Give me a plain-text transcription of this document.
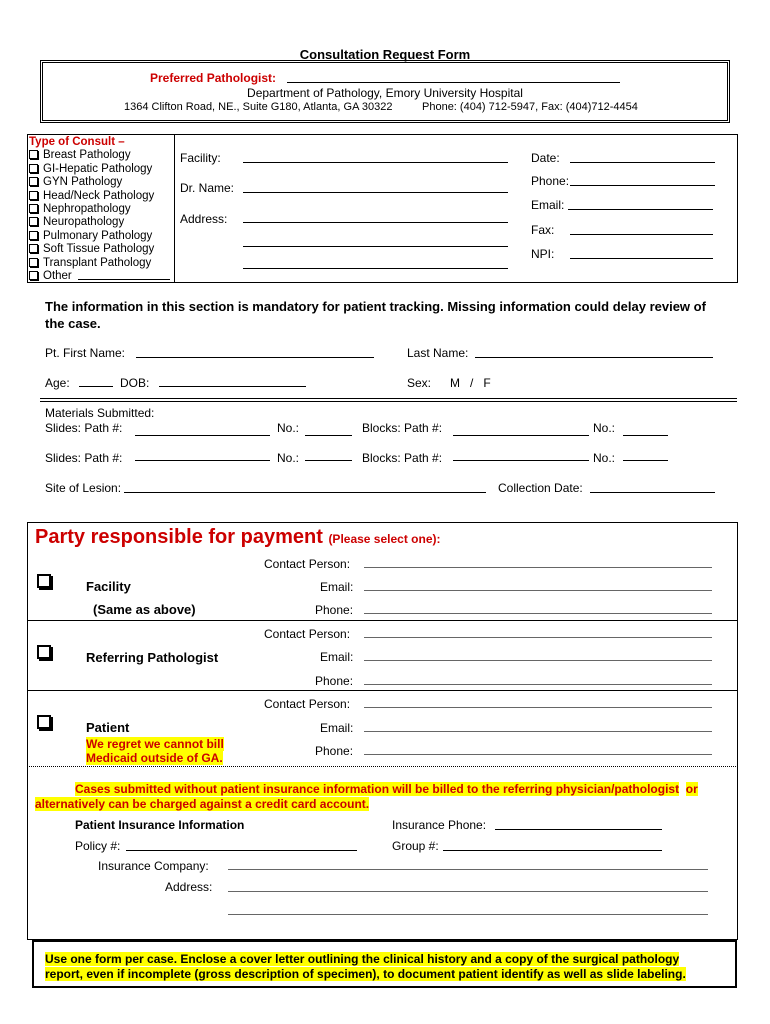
Consultation Request Form
Preferred Pathologist:
Department of Pathology, Emory University Hospital
1364 Clifton Road, NE., Suite G180, Atlanta, GA 30322	Phone: (404) 712-5947, Fax: (404)712-4454
Type of Consult –
Breast Pathology
GI-Hepatic Pathology
GYN Pathology
Head/Neck Pathology
Nephropathology
Neuropathology
Pulmonary Pathology
Soft Tissue Pathology
Transplant Pathology
Other
Facility:
Dr. Name:
Address:
Date:
Phone:
Email:
Fax:
NPI:
The information in this section is mandatory for patient tracking. Missing information could delay review of the case.
Pt. First Name:	Last Name:
Age:	DOB:	Sex: M   /   F
Materials Submitted:
Slides: Path #:	No.:	Blocks: Path #:	No.:
Slides: Path #:	No.:	Blocks: Path #:	No.:
Site of Lesion:	Collection Date:
Party responsible for payment (Please select one):
Contact Person:
Facility	Email:
(Same as above)	Phone:
Contact Person:
Referring Pathologist	Email:
Phone:
Contact Person:
Patient	Email:
We regret we cannot bill
Medicaid outside of GA.	Phone:
Cases submitted without patient insurance information will be billed to the referring physician/pathologist or
alternatively can be charged against a credit card account.
Patient Insurance Information	Insurance Phone:
Policy #:	Group #:
Insurance Company:
Address:
Use one form per case. Enclose a cover letter outlining the clinical history and a copy of the surgical pathology
report, even if incomplete (gross description of specimen), to document patient identify as well as slide labeling.
